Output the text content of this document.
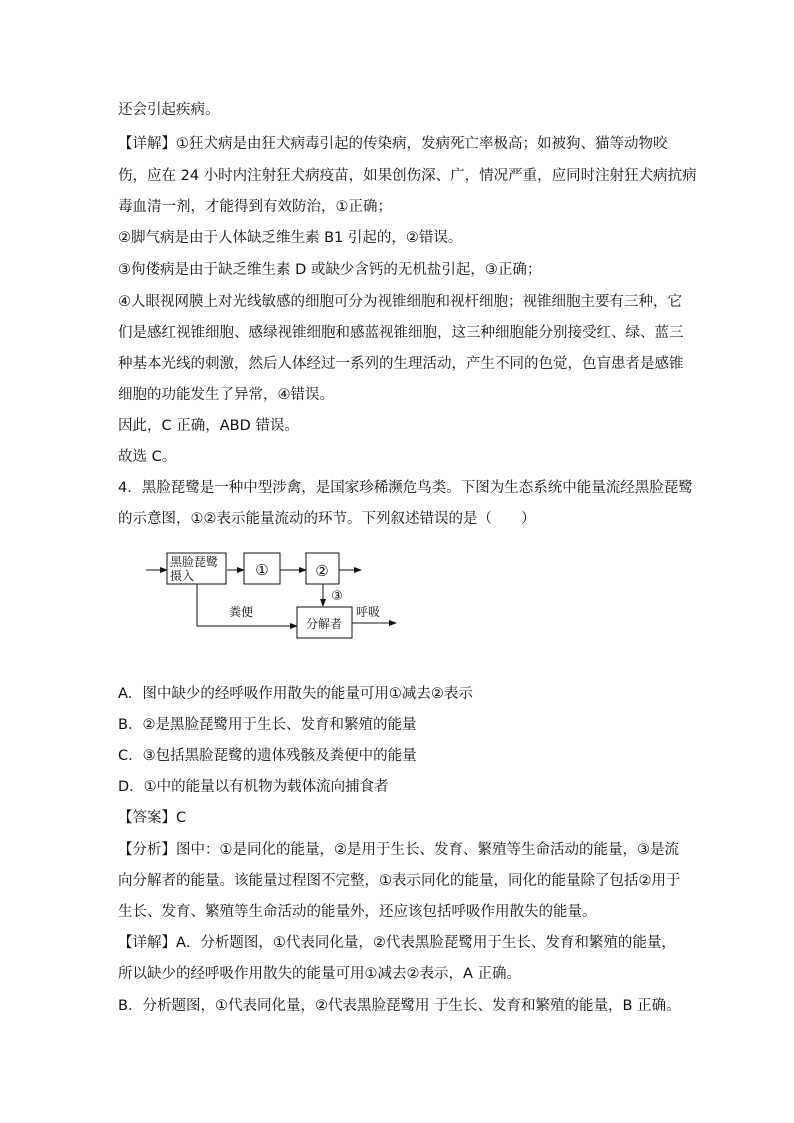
还会引起疾病。
【详解】①狂犬病是由狂犬病毒引起的传染病，发病死亡率极高；如被狗、猫等动物咬
伤，应在 24 小时内注射狂犬病疫苗，如果创伤深、广，情况严重，应同时注射狂犬病抗病
毒血清一剂，才能得到有效防治，①正确；
②脚气病是由于人体缺乏维生素 B1 引起的，②错误。
③佝偻病是由于缺乏维生素 D 或缺少含钙的无机盐引起，③正确；
④人眼视网膜上对光线敏感的细胞可分为视锥细胞和视杆细胞；视锥细胞主要有三种，它
们是感红视锥细胞、感绿视锥细胞和感蓝视锥细胞，这三种细胞能分别接受红、绿、蓝三
种基本光线的刺激，然后人体经过一系列的生理活动，产生不同的色觉，色盲患者是感锥
细胞的功能发生了异常，④错误。
因此，C 正确，ABD 错误。
故选 C。
4．黑脸琵鹭是一种中型涉禽，是国家珍稀濒危鸟类。下图为生态系统中能量流经黑脸琵鹭
的示意图，①②表示能量流动的环节。下列叙述错误的是（　　）
黑脸琵鹭
摄入	①	②
③
粪便
分解者
呼吸
A．图中缺少的经呼吸作用散失的能量可用①减去②表示
B．②是黑脸琵鹭用于生长、发育和繁殖的能量
C．③包括黑脸琵鹭的遗体残骸及粪便中的能量
D．①中的能量以有机物为载体流向捕食者
【答案】C
【分析】图中：①是同化的能量，②是用于生长、发育、繁殖等生命活动的能量，③是流
向分解者的能量。该能量过程图不完整，①表示同化的能量，同化的能量除了包括②用于
生长、发育、繁殖等生命活动的能量外，还应该包括呼吸作用散失的能量。
【详解】A．分析题图，①代表同化量，②代表黑脸琵鹭用于生长、发育和繁殖的能量，
所以缺少的经呼吸作用散失的能量可用①减去②表示，A 正确。
B．分析题图，①代表同化量，②代表黑脸琵鹭用 于生长、发育和繁殖的能量，B 正确。
